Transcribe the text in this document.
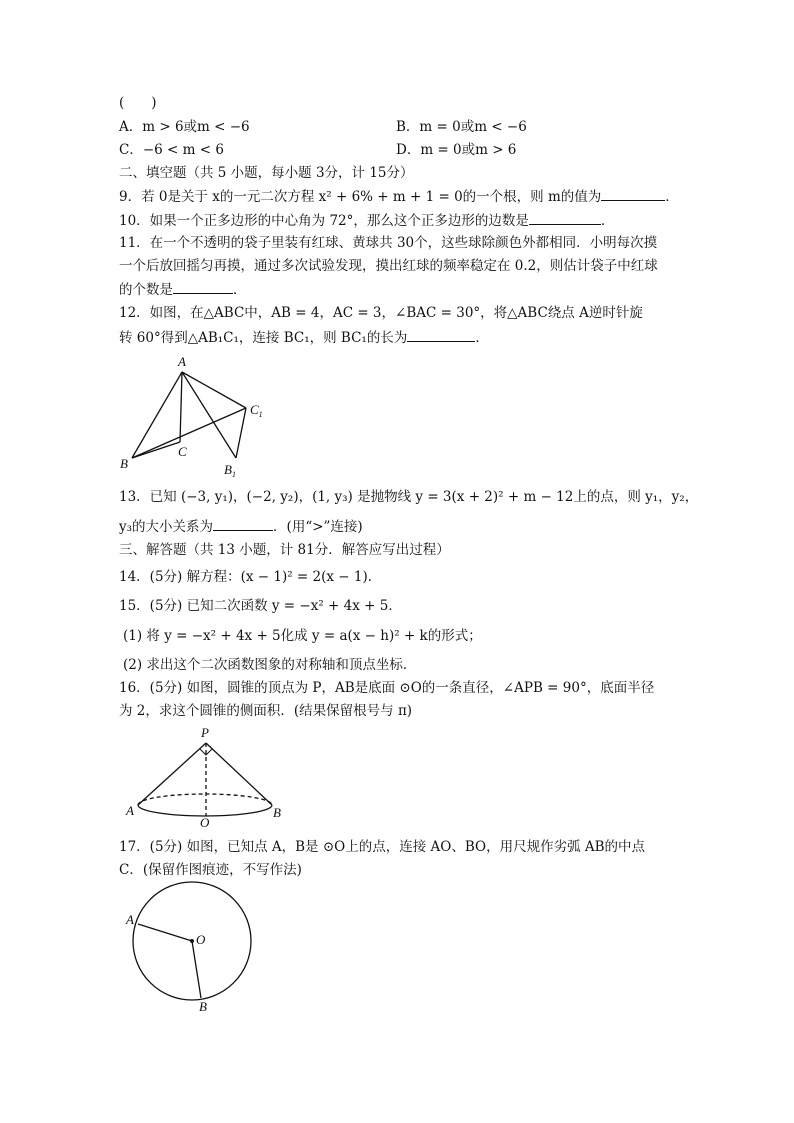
(　　)
A．m > 6或m < −6	B．m = 0或m < −6
C．−6 < m < 6	D．m = 0或m > 6
二、填空题（共 5 小题，每小题 3分，计 15分）
9．若 0是关于 x的一元二次方程 x² + 6% + m + 1 = 0的一个根，则 m的值为	．
10．如果一个正多边形的中心角为 72°，那么这个正多边形的边数是	．
11．在一个不透明的袋子里装有红球、黄球共 30个，这些球除颜色外都相同．小明每次摸
一个后放回摇匀再摸，通过多次试验发现，摸出红球的频率稳定在 0.2，则估计袋子中红球
的个数是	．
12．如图，在△ABC中，AB = 4，AC = 3，∠BAC = 30°，将△ABC绕点 A逆时针旋
转 60°得到△AB₁C₁，连接 BC₁，则 BC₁的长为	．
A
B
C
$C_1$
$B_1$
13．已知 (−3, y₁)，(−2, y₂)，(1, y₃) 是抛物线 y = 3(x + 2)² + m − 12上的点，则 y₁，y₂，
y₃的大小关系为	．(用“>”连接)
三、解答题（共 13 小题，计 81分．解答应写出过程）
14．(5分) 解方程：(x − 1)² = 2(x − 1)．
15．(5分) 已知二次函数 y = −x² + 4x + 5．
(1) 将 y = −x² + 4x + 5化成 y = a(x − h)² + k的形式；
(2) 求出这个二次函数图象的对称轴和顶点坐标．
16．(5分) 如图，圆锥的顶点为 P，AB是底面 ⊙O的一条直径，∠APB = 90°，底面半径
为 2，求这个圆锥的侧面积．(结果保留根号与 π)
P
A	B
O
17．(5分) 如图，已知点 A，B是 ⊙O上的点，连接 AO、BO，用尺规作劣弧 AB的中点
C．(保留作图痕迹，不写作法)
A
O
B
